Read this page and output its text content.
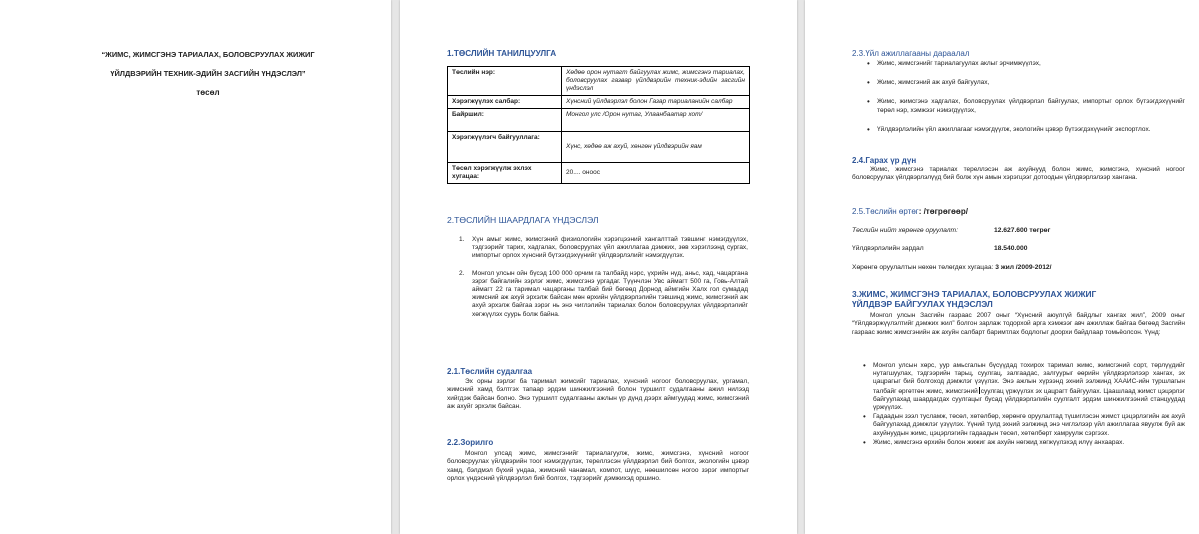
“ЖИМС, ЖИМСГЭНЭ ТАРИАЛАХ, БОЛОВСРУУЛАХ ЖИЖИГ
ҮЙЛДВЭРИЙН ТЕХНИК-ЭДИЙН ЗАСГИЙН ҮНДЭСЛЭЛ”
төсөл
1.ТӨСЛИЙН ТАНИЛЦУУЛГА
Төслийн нэр:	Хөдөө орон нутагт байгуулах жимс, жимсгэнэ тариалах, боловсруулах газвар үйлдвэрийн техник-эдийн засгийн үндэслэл
Хэрэгжүүлэх салбар:	Хүнсний үйлдвэрлэл болон Газар тариаланийн салбар
Байршил:	Монгол улс /Орон нутаг, Улаанбаатар хот/
Хэрэгжүүлэгч байгууллага:	Хүнс, хөдөө аж ахуй, хөнгөн үйлдвэрийн яам
Төсөл хэрэгжүүлж эхлэх хугацаа:	20.... оноос
2.ТӨСЛИЙН ШААРДЛАГА ҮНДЭСЛЭЛ
1. Хүн амыг жимс, жимсгэний физиологийн хэрэгцээний хангалттай тэвшинг нэмэгдүүлэх, тэдгээрийг тарих, хадгалах, боловсруулах үйл ажиллагаа дэмжих, зөв хэрэглээнд сургах, импортыг орлох хүнсний бүтээгдэхүүнийг үйлдвэрлэлийг нэмэгдүүлэх.
2. Монгол улсын ойн бүсэд 100 000 орчим га талбайд нэрс, үхрийн нүд, аньс, хад, чацаргана зэрэг байгалийн зэрлэг жимс, жимсгэнэ ургадаг. Түүнчлэн Увс аймагт 500 га, Говь-Алтай аймагт 22 га таримал чацарганы талбай бий бөгөөд Дорнод аймгийн Халх гол сумадад жимсний аж ахуй эрхэлж байсан мөн өрхийн үйлдвэрлэлийн тэвшинд жимс, жимсгэний аж ахуй эрхэлж байгаа зэрэг нь энэ чиглэлийн тариалах болон боловсруулах үйлдвэрлэлийг хөгжүүлэх суурь болж байна.
2.1.Төслийн судалгаа
Эх орны зэрлэг ба таримал жимсийг тариалах, хүнсний ногоог боловсруулах, ургамал, жимсний хамд бэлтгэх тапаар эрдэм шинжилгээний болон туршилт судалгааны ажил нилээд хийгдэж байсан болно. Энэ туршилт судалгааны ажлын үр дүнд дээрх аймгуудад жимс, жимсгэний аж ахуйг эрхэлж байсан.
2.2.Зорилго
Монгол улсад жимс, жимсгэнийг тариалагуулж, жимс, жимсгэнэ, хүнсний ногоог боловсруулах үйлдвэрийн тоог нэмэгдүүлэх, тереллэсэн үйлдвэрлэл бий болгох, экологийн цэвэр хамд, бэлдмэл бүхий ундаа, жимсний чанамал, компот, шүүс, нөөшилсөн ногоо зэрэг импортыг орлох үндэсний үйлдвэрлэл бий болгох, тэдгээрийг дэмжихэд оршино.
2.3.Үйл ажиллагааны дараалал
• Жимс, жимсгэнийг тариалагуулах аклыг эрчимжүүлэх,
• Жимс, жимсгэний аж ахуй байгуулах,
• Жимс, жимсгэнэ хадгалах, боловсруулах үйлдвэрлэл байгуулах, импортыг орлох бүтээгдэхүүнийг төрөл нэр, хэмжээг нэмэгдүүлэх,
• Үйлдвэрлэлийн үйл ажиллагааг нэмэгдүүлж, экологийн цэвэр бүтээгдэхүүнийг экспортлох.
2.4.Гарах үр дүн
Жимс, жимсгэнэ тариалах тереллэсэн аж ахуйнууд болон жимс, жимсгэнэ, хүнсний ногоог боловсруулах үйлдвэрлэлүүд бий болж хүн амын хэрэгцээг дотоодын үйлдвэрлэлээр хангана.
2.5.Төслийн өртөг: /төгрөгөөр/
Төслийн нийт хөрөнгө оруулалт:	12.627.600 төгрөг
Үйлдвэрлэлийн зардал	18.540.000
Хөрөнгө оруулалтын нөхөн төлөгдөх хугацаа: 3 жил /2009-2012/
3.ЖИМС, ЖИМСГЭНЭ ТАРИАЛАХ, БОЛОВСРУУЛАХ ЖИЖИГ
ҮЙЛДВЭР БАЙГУУЛАХ ҮНДЭСЛЭЛ
Монгол улсын Засгийн газраас 2007 оныг “Хүнсний аюулгүй байдлыг хангах жил”, 2009 оныг “Үйлдвэржүүлэлтийг дэмжих жил” болгон зарлаж тодорхой арга хэмжээг авч ажиллаж байгаа бөгөөд Засгийн газраас жимс жимсгэнийн аж ахуйн салбарт баримтлах бодлогыг доорхи байдлаар томьёолсон. Үүнд:
• Монгол улсын хөрс, уур амьсгалын бүсүүдад тохирох таримал жимс, жимсгэний сорт, төрлүүдийг нутагшуулах, тэдгээрийн тарьц, суулгац, залгаадас, залгуурыг өөрийн үйлдвэрлэлээр хангах, эх цацрагыг бий болгоход дэмжлэг үзүүлэх. Энэ ажлын хүрээнд эхний ээлжинд ХААИС-ийн туршлагын талбайг өргөтгөн жимс, жимсгэний суулгац үржүүлэх эх цацрагт байгуулах. Цаашлаад жимст цэцэрлэг байгуулахад шаардагдах суулгацыг бусад үйлдвэрлэлийн суулгалт эрдэм шинжилгээний станцуудад үржүүлэх.
• Гадаадын зээл тусламж, төсөл, хөтөлбөр, хөрөнгө оруулалтад түшиглэсэн жимст цэцэрлэгийн аж ахуй байгуулахад дэмжлэг үзүүлэх. Үүний тулд эхний ээлжинд энэ чиглэлээр үйл ажиллагаа явуулж буй аж ахуйнуудын жимс, цэцэрлэгийн гадаадын төсөл, хөтөлбөрт хамруулж сэргээх.
• Жимс, жимсгэнэ өрхийн болон жижиг аж ахуйн нөгжид хөгжүүлэхэд илүү анхаарах.
